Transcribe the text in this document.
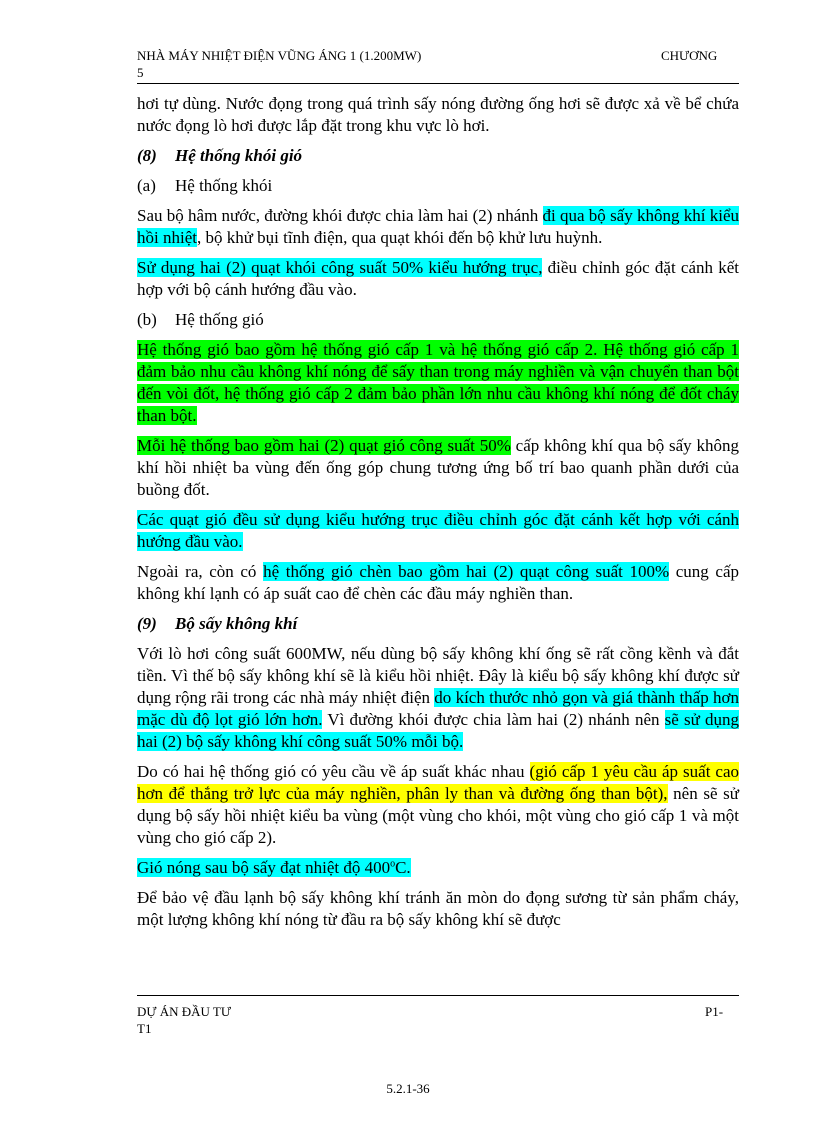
NHÀ MÁY NHIỆT ĐIỆN VŨNG ÁNG 1 (1.200MW)	CHƯƠNG
5

hơi tự dùng. Nước đọng trong quá trình sấy nóng đường ống hơi sẽ được xả về bể chứa nước đọng lò hơi được lắp đặt trong khu vực lò hơi.

(8) Hệ thống khói gió
(a) Hệ thống khói

Sau bộ hâm nước, đường khói được chia làm hai (2) nhánh đi qua bộ sấy không khí kiểu hồi nhiệt, bộ khử bụi tĩnh điện, qua quạt khói đến bộ khử lưu huỳnh.

Sử dụng hai (2) quạt khói công suất 50% kiểu hướng trục, điều chỉnh góc đặt cánh kết hợp với bộ cánh hướng đầu vào.

(b) Hệ thống gió

Hệ thống gió bao gồm hệ thống gió cấp 1 và hệ thống gió cấp 2. Hệ thống gió cấp 1 đảm bảo nhu cầu không khí nóng để sấy than trong máy nghiền và vận chuyển than bột đến vòi đốt, hệ thống gió cấp 2 đảm bảo phần lớn nhu cầu không khí nóng để đốt cháy than bột.

Mỗi hệ thống bao gồm hai (2) quạt gió công suất 50% cấp không khí qua bộ sấy không khí hồi nhiệt ba vùng đến ống góp chung tương ứng bố trí bao quanh phần dưới của buồng đốt.

Các quạt gió đều sử dụng kiểu hướng trục điều chỉnh góc đặt cánh kết hợp với cánh hướng đầu vào.

Ngoài ra, còn có hệ thống gió chèn bao gồm hai (2) quạt công suất 100% cung cấp không khí lạnh có áp suất cao để chèn các đầu máy nghiền than.

(9) Bộ sấy không khí

Với lò hơi công suất 600MW, nếu dùng bộ sấy không khí ống sẽ rất cồng kềnh và đắt tiền. Vì thế bộ sấy không khí sẽ là kiểu hồi nhiệt. Đây là kiểu bộ sấy không khí được sử dụng rộng rãi trong các nhà máy nhiệt điện do kích thước nhỏ gọn và giá thành thấp hơn mặc dù độ lọt gió lớn hơn. Vì đường khói được chia làm hai (2) nhánh nên sẽ sử dụng hai (2) bộ sấy không khí công suất 50% mỗi bộ.

Do có hai hệ thống gió có yêu cầu về áp suất khác nhau (gió cấp 1 yêu cầu áp suất cao hơn để thắng trở lực của máy nghiền, phân ly than và đường ống than bột), nên sẽ sử dụng bộ sấy hồi nhiệt kiểu ba vùng (một vùng cho khói, một vùng cho gió cấp 1 và một vùng cho gió cấp 2).

Gió nóng sau bộ sấy đạt nhiệt độ 400$^o$C.

Để bảo vệ đầu lạnh bộ sấy không khí tránh ăn mòn do đọng sương từ sản phẩm cháy, một lượng không khí nóng từ đầu ra bộ sấy không khí sẽ được

DỰ ÁN ĐẦU TƯ	P1-
T1
5.2.1-36
